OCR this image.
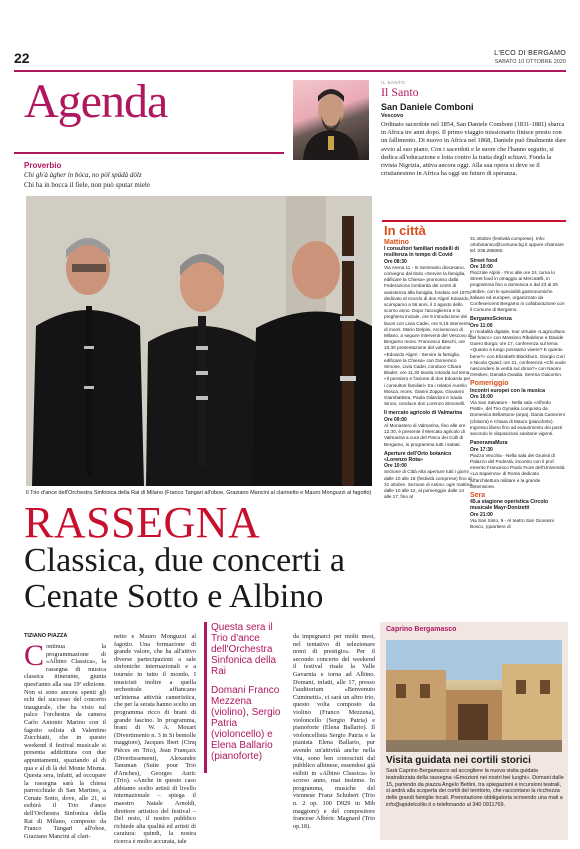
22	L'ECO DI BERGAMO
SABATO 10 OTTOBRE 2020
Agenda
Proverbio
Chi gh'à àgher in bóca, no pöl spüdà dólz
Chi ha in bocca il fiele, non può sputar miele
IL SANTO
Il Santo
San Daniele Comboni
Vescovo
Ordinato sacerdote nel 1854, San Daniele Comboni (1831-1881) sbarca in Africa tre anni dopo. Il primo viaggio missionario finisce presto con un fallimento. Di nuovo in Africa nel 1868, Daniele può finalmente dare avvio al suo piano. Con i sacerdoti e le suore che l'hanno seguito, si dedica all'educazione e lotta contro la tratta degli schiavi. Fonda la rivista Nigrizia, attiva ancora oggi. Alla sua opera si deve se il cristianesimo in Africa ha oggi un futuro di speranza.
Il Trio d'ance dell'Orchestra Sinfonica della Rai di Milano (Franco Tangari all'oboe, Graziano Mancini al clarinetto e Mauro Monguzzi al fagotto)
RASSEGNA
Classica, due concerti a Cenate Sotto e Albino
TIZIANO PIAZZA
Continua la programmazione di «Albino Classica», la rassegna di musica classica itinerante, giunta quest'anno alla sua 19ª edizione. Non si sono ancora spenti gli echi del successo del concerto inaugurale, che ha visto sul palco l'orchestra da camera Carlo Antonio Marino con il fagotto solista di Valentino Zucchiatti, che in questo weekend il festival musicale si presenta addirittura con due appuntamenti, spaziando al di qua e al di là del Monte Misma. Questa sera, infatti, ad occupare la rassegna sarà la chiesa parrocchiale di San Martino, a Cenate Sotto, dove, alle 21, si esibirà il Trio d'ance dell'Orchestra Sinfonica della Rai di Milano, composto da Franco Tangari all'oboe, Graziano Mancini al clari-
netto e Mauro Monguzzi al fagotto. Una formazione di grande valore, che ha all'attivo diverse partecipazioni a sale sinfoniche internazionali e a tournée in tutto il mondo. I musicisti inoltre a quella orchestrale affiancano un'intensa attività cameristica, che per la serata hanno scelto un programma ricco di brani di grande fascino. In programma, brani di W. A. Mozart (Divertimento n. 3 in Si bemolle maggiore), Jacques Ibert (Cinq Pièces en Trio), Jean Françaix (Divertissement), Alexandre Tansman (Suite pour Trio d'Anches), Georges Auric (Trio). «Anche in questo caso abbiamo scelto artisti di livello internazionale – spiega il maestro Natale Arnoldi, direttore artistico del festival – Del resto, il nostro pubblico richiede alta qualità ed artisti di caratura: quindi, la nostra ricerca è molto accurata, tale
Questa sera il Trio d'ance dell'Orchestra Sinfonica della Rai
Domani Franco Mezzena (violino), Sergio Patria (violoncello) e Elena Ballario (pianoforte)
da impegnarci per molti mesi, nel tentativo di selezionare nomi di prestigio». Per il secondo concerto del weekend il festival risale la Valle Gavarnia e torna ad Albino. Domani, infatti, alle 17, presso l'auditorium «Benvenuto Cuminetti», ci sarà un altro trio, questo volta composto da violino (Franco Mezzena), violoncello (Sergio Patria) e pianoforte (Elena Ballario). Il violoncellista Sergio Patria e la pianista Elena Ballario, pur avendo un'attività anche nella vita, sono ben conosciuti dal pubblico albinese, essendosi già esibiti in «Albino Classica» lo scorso anno, mai insieme. In programma, musiche del viennese Franz Schubert (Trio n. 2 op. 100 D929 in Mib maggiore) e del compositore francese Albéric Magnard (Trio op.18).
In città
Mattino
I consultori familiari modelli di resilienza in tempo di Covid
Ore 08:30

Via Arena 11 - In Seminario diocesano, convegno dal titolo «Servire la famiglia, edificare la Chiesa» promosso dalla Federazione lombarda dei centri di assistenza alla famiglia, fondato nel 1975, dedicato al ricordo di don Algeri Edoardo, scomparso a 56 anni, il 2 agosto dello scorso anno. Dopo l'accoglienza e la preghiera iniziale, ore 9 introduzione dei lavori con Livia Cadei, ore 9,15 intervento di mons. Mario Delpini, Arcivescovo di Milano, a seguire interventi del Vescovo di Bergamo mons. Francesco Beschi, ore 10,30 presentazione del volume «Edoardo Algeri - Servire la famiglia, edificare la Chiesa» con Domenico Simone, Livia Cadei, conduce Chiara Biader, ore 11,30 tavola rotonda sul tema «Il pensiero e l'azione di don Edoardo per i consultori familiari» tra i relatori Aurelio Mosca, mons. Gianni Zoppa, Giovanni Giambattista, Paola Gilardoni e Saula Sironi, conduce don Lorenzo Simonelli.

Il mercato agricolo di Valmarina
Ore 09:00

Al Monastero di Valmarina, fino alle ore 12.30, è presente il Mercato agricolo di Valmarina a cura del Parco dei Colli di Bergamo, in programma tutti i sabati.

Aperture dell'Orto botanico «Lorenzo Rota»
Ore 10:00

Sezione di Città Alta aperture tutti i giorni dalle 10 alle 18 (festività comprese) fino al 31 ottobre. Sezione di Astino: ogni mattina dalle 10 alle 12, al pomeriggio dalle 14 alle 17, fino al

31 ottobre (festività comprese). Info: ortobotanico@comune.bg.it oppure chiamare tel. 035.286060.

Street food
Ore 10:00

Piazzale Alpini - Fino alle ore 24, torna lo Street food in omaggio ai Mercatelli, in programma fino a domenica e dal 23 al 25 ottobre, con le specialità gastronomiche italiane ed europee, organizzato da Confesercenti Bergamo in collaborazione con il Comune di Bergamo.

BergamoScienza
Ore 11:00

In modalità digitale, tour virtuale «Lagricoltura del futuro» con Massimo Ribaldone e Davide Goero Borga; ore 17, conferenza sul tema «Quanto a lungo possiamo vivere? E quanto bene?» con Elizabeth Blackburn, Giorgio Cori e Nicola Quaid; ore 21, conferenza «Chi vuole nascondere la verità sul clima?» con Naomi Oreskes, Daniela Ovadia, Serena Giacomin.

Pomeriggio
Incontri europei con la musica
Ore 16:00

Via San Salvatore - Nella sala «Alfredo Piatti», del Trio Gynaika composto da Domenica Bellantone (arpa), Dania Cantoreni (chitarra) e Chiara di Mauro (pianoforte). Ingresso libero fino ad esaurimento dei posti secondo le disposizioni sanitarie vigenti.

PanoramaMura
Ore 17:30

Piazza Vecchia - Nella sala dei Giuristi di Palazzo del Podestà, incontro con il prof. emerito Francesco Paolo Fiore dell'Università «La Sapienza» di Roma dedicato all'architettura militare e la grande dimensione.

Sera
45.a stagione operistica Circolo musicale Mayr-Donizetti
Ore 21:00

Via San Sisto, 9 - Al teatro San Giovanni Bosco, (quartiere di

Caprino Bergamasco
Visita guidata nei cortili storici
Sarà Caprino Bergamasco ad accogliere la nuova visita guidata teatralizzata della rassegna «Emozioni nei nostri bei luoghi». Domani dalle 15, partendo da piazza Angelo Bettini, tra spiegazioni e incursioni teatrali, si andrà alla scoperta dei cortili del territorio, che raccontano la ricchezza delle grandi famiglie locali. Prenotazione obbligatoria scrivendo una mail a info@apidelcollio.it o telefonando al 340 0911769.
